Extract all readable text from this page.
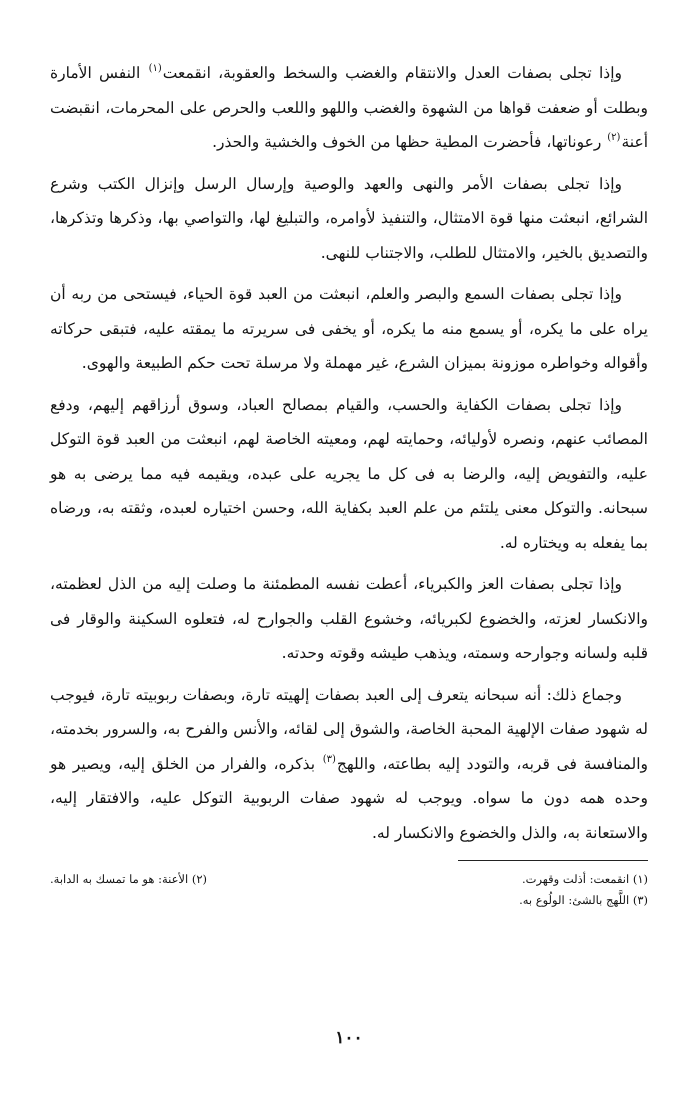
وإذا تجلى بصفات العدل والانتقام والغضب والسخط والعقوبة، انقمعت$^{(١)}$ النفس الأمارة وبطلت أو ضعفت قواها من الشهوة والغضب واللهو واللعب والحرص على المحرمات، انقبضت أعنة$^{(٢)}$ رعوناتها، فأحضرت المطية حظها من الخوف والخشية والحذر.

وإذا تجلى بصفات الأمر والنهى والعهد والوصية وإرسال الرسل وإنزال الكتب وشرع الشرائع، انبعثت منها قوة الامتثال، والتنفيذ لأوامره، والتبليغ لها، والتواصي بها، وذكرها وتذكرها، والتصديق بالخير، والامتثال للطلب، والاجتناب للنهى.

وإذا تجلى بصفات السمع والبصر والعلم، انبعثت من العبد قوة الحياء، فيستحى من ربه أن يراه على ما يكره، أو يسمع منه ما يكره، أو يخفى فى سريرته ما يمقته عليه، فتبقى حركاته وأقواله وخواطره موزونة بميزان الشرع، غير مهملة ولا مرسلة تحت حكم الطبيعة والهوى.

وإذا تجلى بصفات الكفاية والحسب، والقيام بمصالح العباد، وسوق أرزاقهم إليهم، ودفع المصائب عنهم، ونصره لأوليائه، وحمايته لهم، ومعيته الخاصة لهم، انبعثت من العبد قوة التوكل عليه، والتفويض إليه، والرضا به فى كل ما يجريه على عبده، ويقيمه فيه مما يرضى به هو سبحانه. والتوكل معنى يلتئم من علم العبد بكفاية الله، وحسن اختياره لعبده، وثقته به، ورضاه بما يفعله به ويختاره له.

وإذا تجلى بصفات العز والكبرياء، أعطت نفسه المطمئنة ما وصلت إليه من الذل لعظمته، والانكسار لعزته، والخضوع لكبريائه، وخشوع القلب والجوارح له، فتعلوه السكينة والوقار فى قلبه ولسانه وجوارحه وسمته، ويذهب طيشه وقوته وحدته.

وجماع ذلك: أنه سبحانه يتعرف إلى العبد بصفات إلهيته تارة، وبصفات ربوبيته تارة، فيوجب له شهود صفات الإلهية المحبة الخاصة، والشوق إلى لقائه، والأنس والفرح به، والسرور بخدمته، والمنافسة فى قربه، والتودد إليه بطاعته، واللهج$^{(٣)}$ بذكره، والفرار من الخلق إليه، ويصير هو وحده همه دون ما سواه. ويوجب له شهود صفات الربوبية التوكل عليه، والافتقار إليه، والاستعانة به، والذل والخضوع والانكسار له.

(١) انقمعت: أذلت وقهرت.
(٢) الأعنة: هو ما تمسك به الدابة.
(٣) اللَّهج بالشئ: الولُوع به.
١٠٠
